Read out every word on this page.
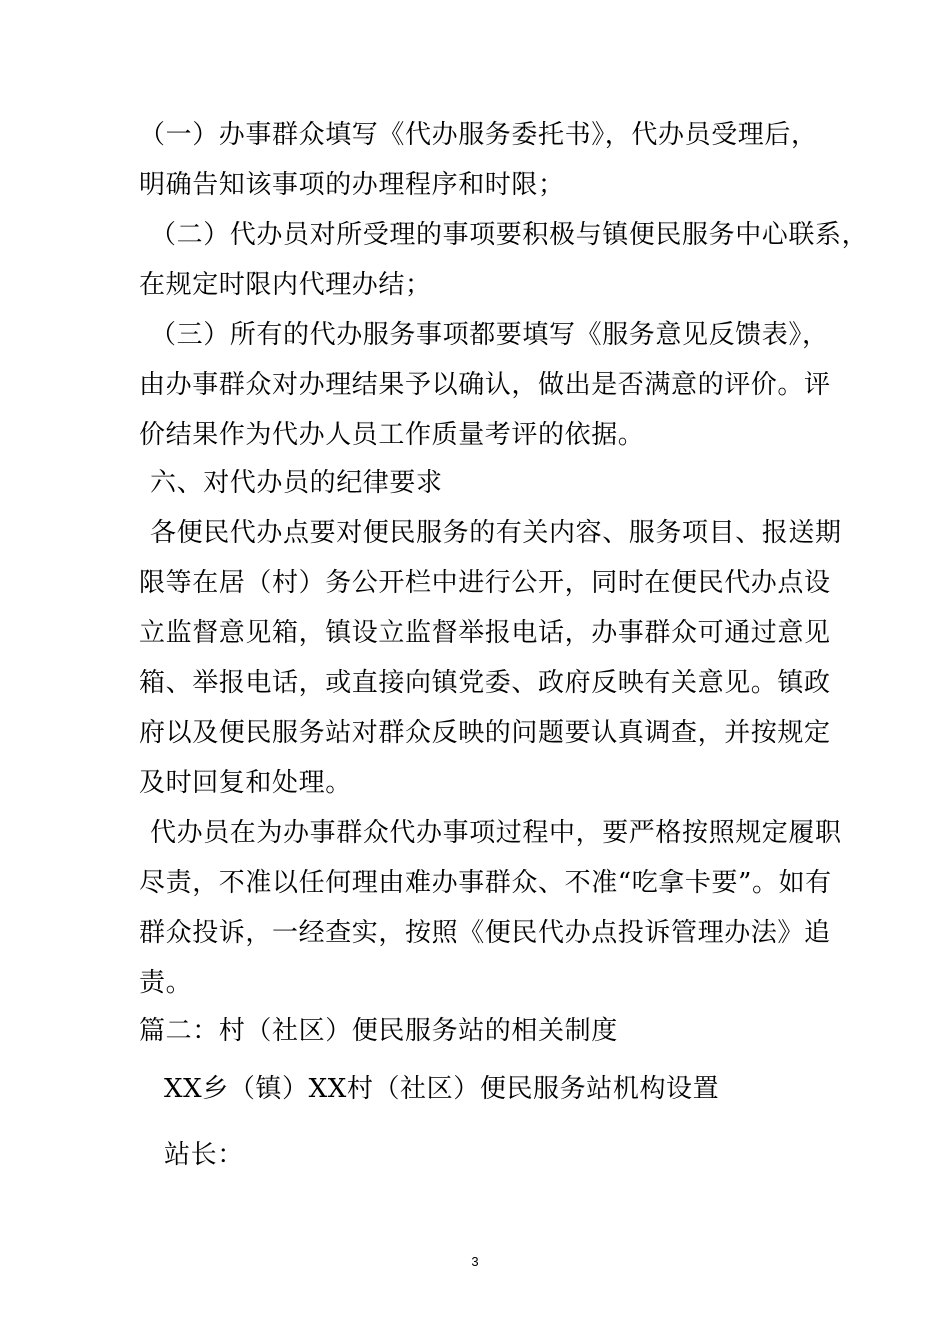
（一）办事群众填写《代办服务委托书》，代办员受理后，
明确告知该事项的办理程序和时限；
（二）代办员对所受理的事项要积极与镇便民服务中心联系，
在规定时限内代理办结；
（三）所有的代办服务事项都要填写《服务意见反馈表》，
由办事群众对办理结果予以确认，做出是否满意的评价。评
价结果作为代办人员工作质量考评的依据。
六、对代办员的纪律要求
各便民代办点要对便民服务的有关内容、服务项目、报送期
限等在居（村）务公开栏中进行公开，同时在便民代办点设
立监督意见箱，镇设立监督举报电话，办事群众可通过意见
箱、举报电话，或直接向镇党委、政府反映有关意见。镇政
府以及便民服务站对群众反映的问题要认真调查，并按规定
及时回复和处理。
代办员在为办事群众代办事项过程中，要严格按照规定履职
尽责，不准以任何理由难办事群众、不准“吃拿卡要”。如有
群众投诉，一经查实，按照《便民代办点投诉管理办法》追
责。
篇二：村（社区）便民服务站的相关制度
XX乡（镇）XX村（社区）便民服务站机构设置
站长：
3
